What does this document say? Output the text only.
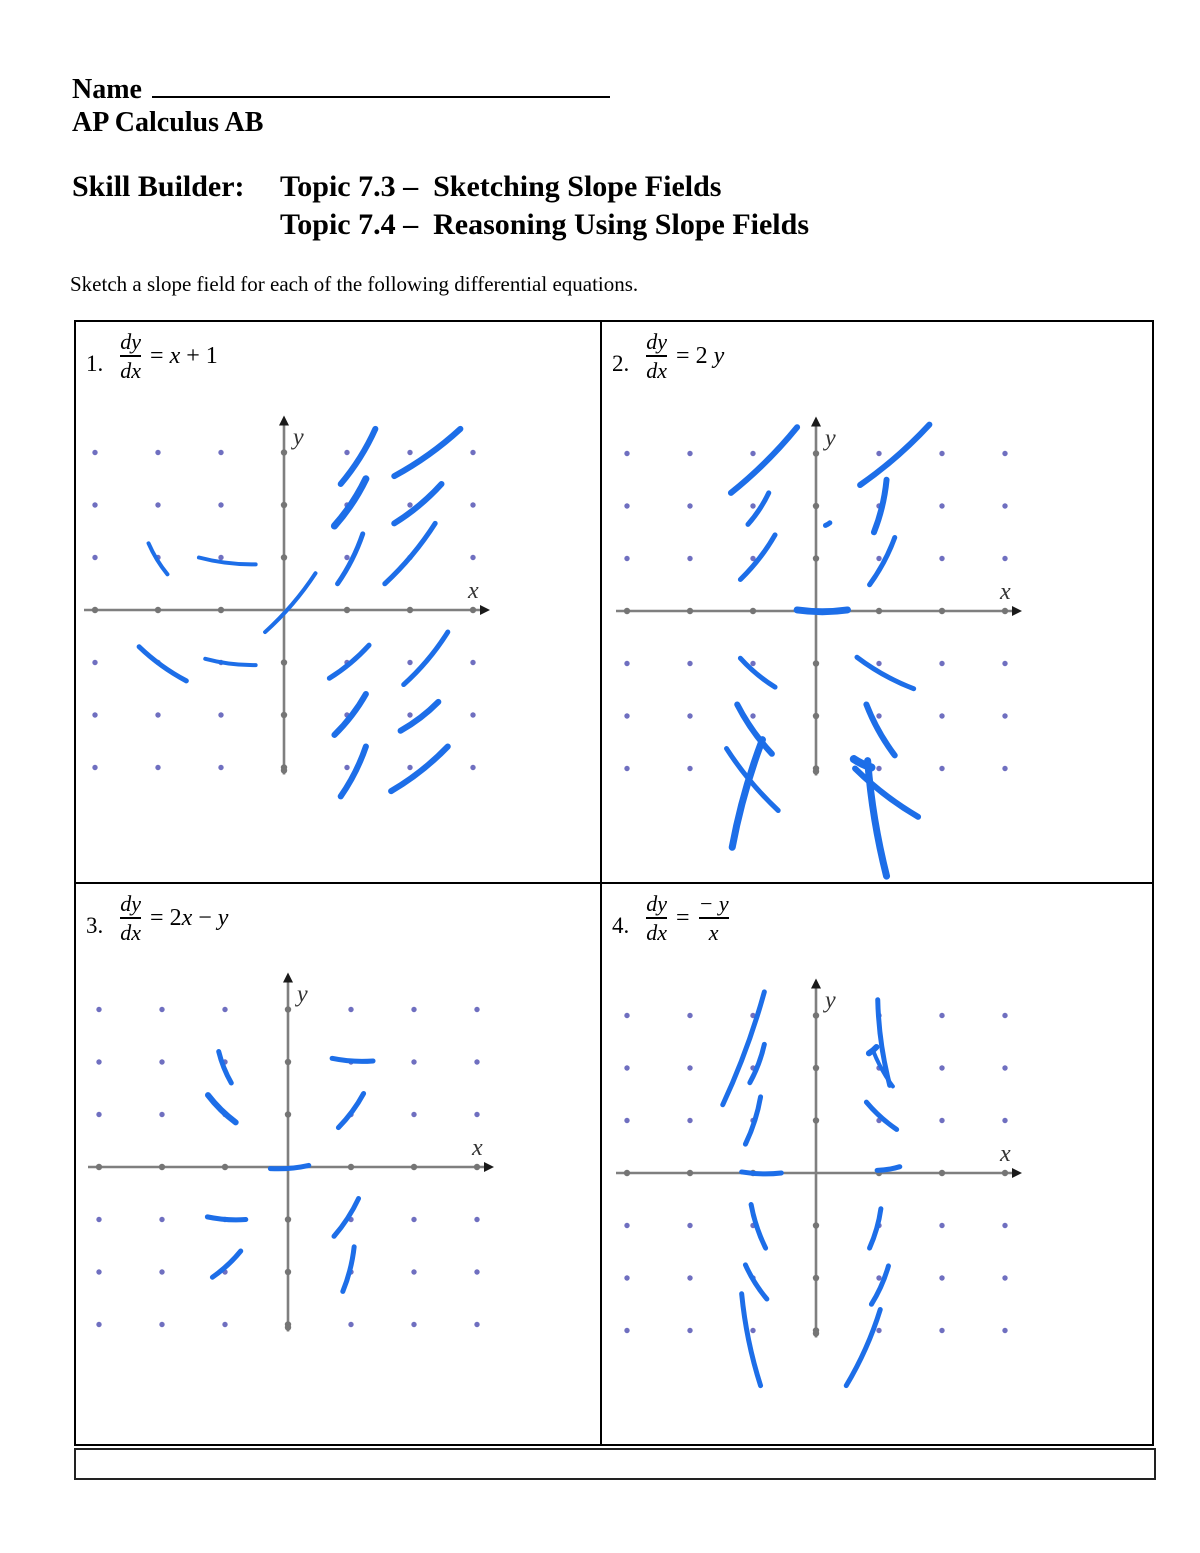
Name
AP Calculus AB
Skill Builder: Topic 7.3 –  Sketching Slope Fields
Topic 7.4 –  Reasoning Using Slope Fields
Sketch a slope field for each of the following differential equations.
x
y
1. $\frac{dy}{dx} = x + 1$
x
y
2. $\frac{dy}{dx} = 2$ y
x
y
3. $\frac{dy}{dx} = 2x - y$
x
y
4. $\frac{dy}{dx} = \frac{- y}{x}$
